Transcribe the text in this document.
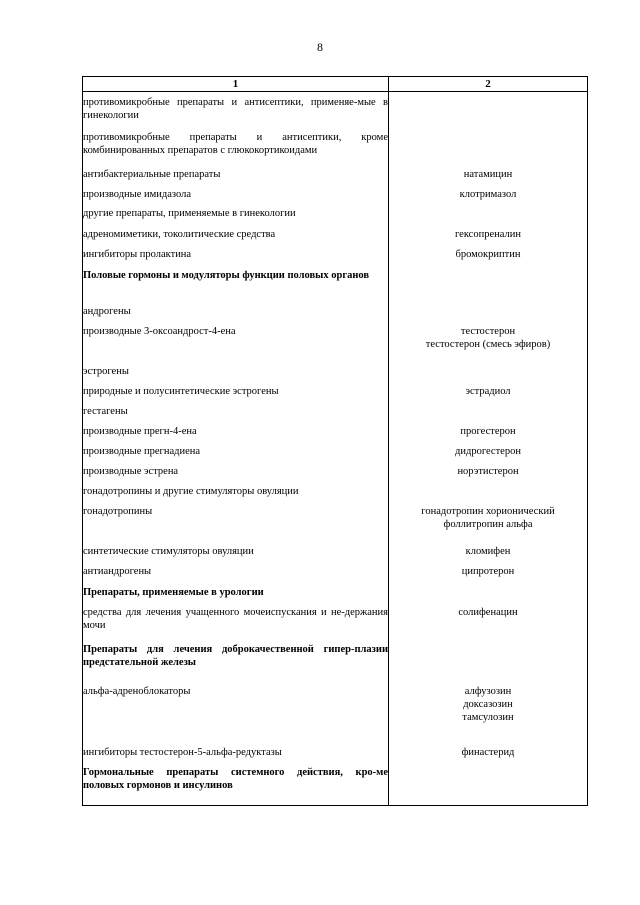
8
1	2
противомикробные препараты и антисептики, применяе-мые в гинекологии	
противомикробные препараты и антисептики, кроме комбинированных препаратов с глюкокортикоидами	
антибактериальные препараты	натамицин

производные имидазола	клотримазол

другие препараты, применяемые в гинекологии	
адреномиметики, токолитические средства	гексопреналин

ингибиторы пролактина	бромокриптин

Половые гормоны и модуляторы функции половых органов	
андрогены	
производные 3-оксоандрост-4-ена	тестостерон
тестостерон (смесь эфиров)

эстрогены	
природные и полусинтетические эстрогены	эстрадиол

гестагены	
производные прегн-4-ена	прогестерон

производные прегнадиена	дидрогестерон

производные эстрена	норэтистерон

гонадотропины и другие стимуляторы овуляции	
гонадотропины	гонадотропин хорионический
фоллитропин альфа

синтетические стимуляторы овуляции	кломифен

антиандрогены	ципротерон

Препараты, применяемые в урологии	
средства для лечения учащенного мочеиспускания и не-держания мочи	солифенацин

Препараты для лечения доброкачественной гипер-плазии предстательной железы	
альфа-адреноблокаторы	алфузозин
доксазозин
тамсулозин

ингибиторы тестостерон-5-альфа-редуктазы	финастерид

Гормональные препараты системного действия, кро-ме половых гормонов и инсулинов	
